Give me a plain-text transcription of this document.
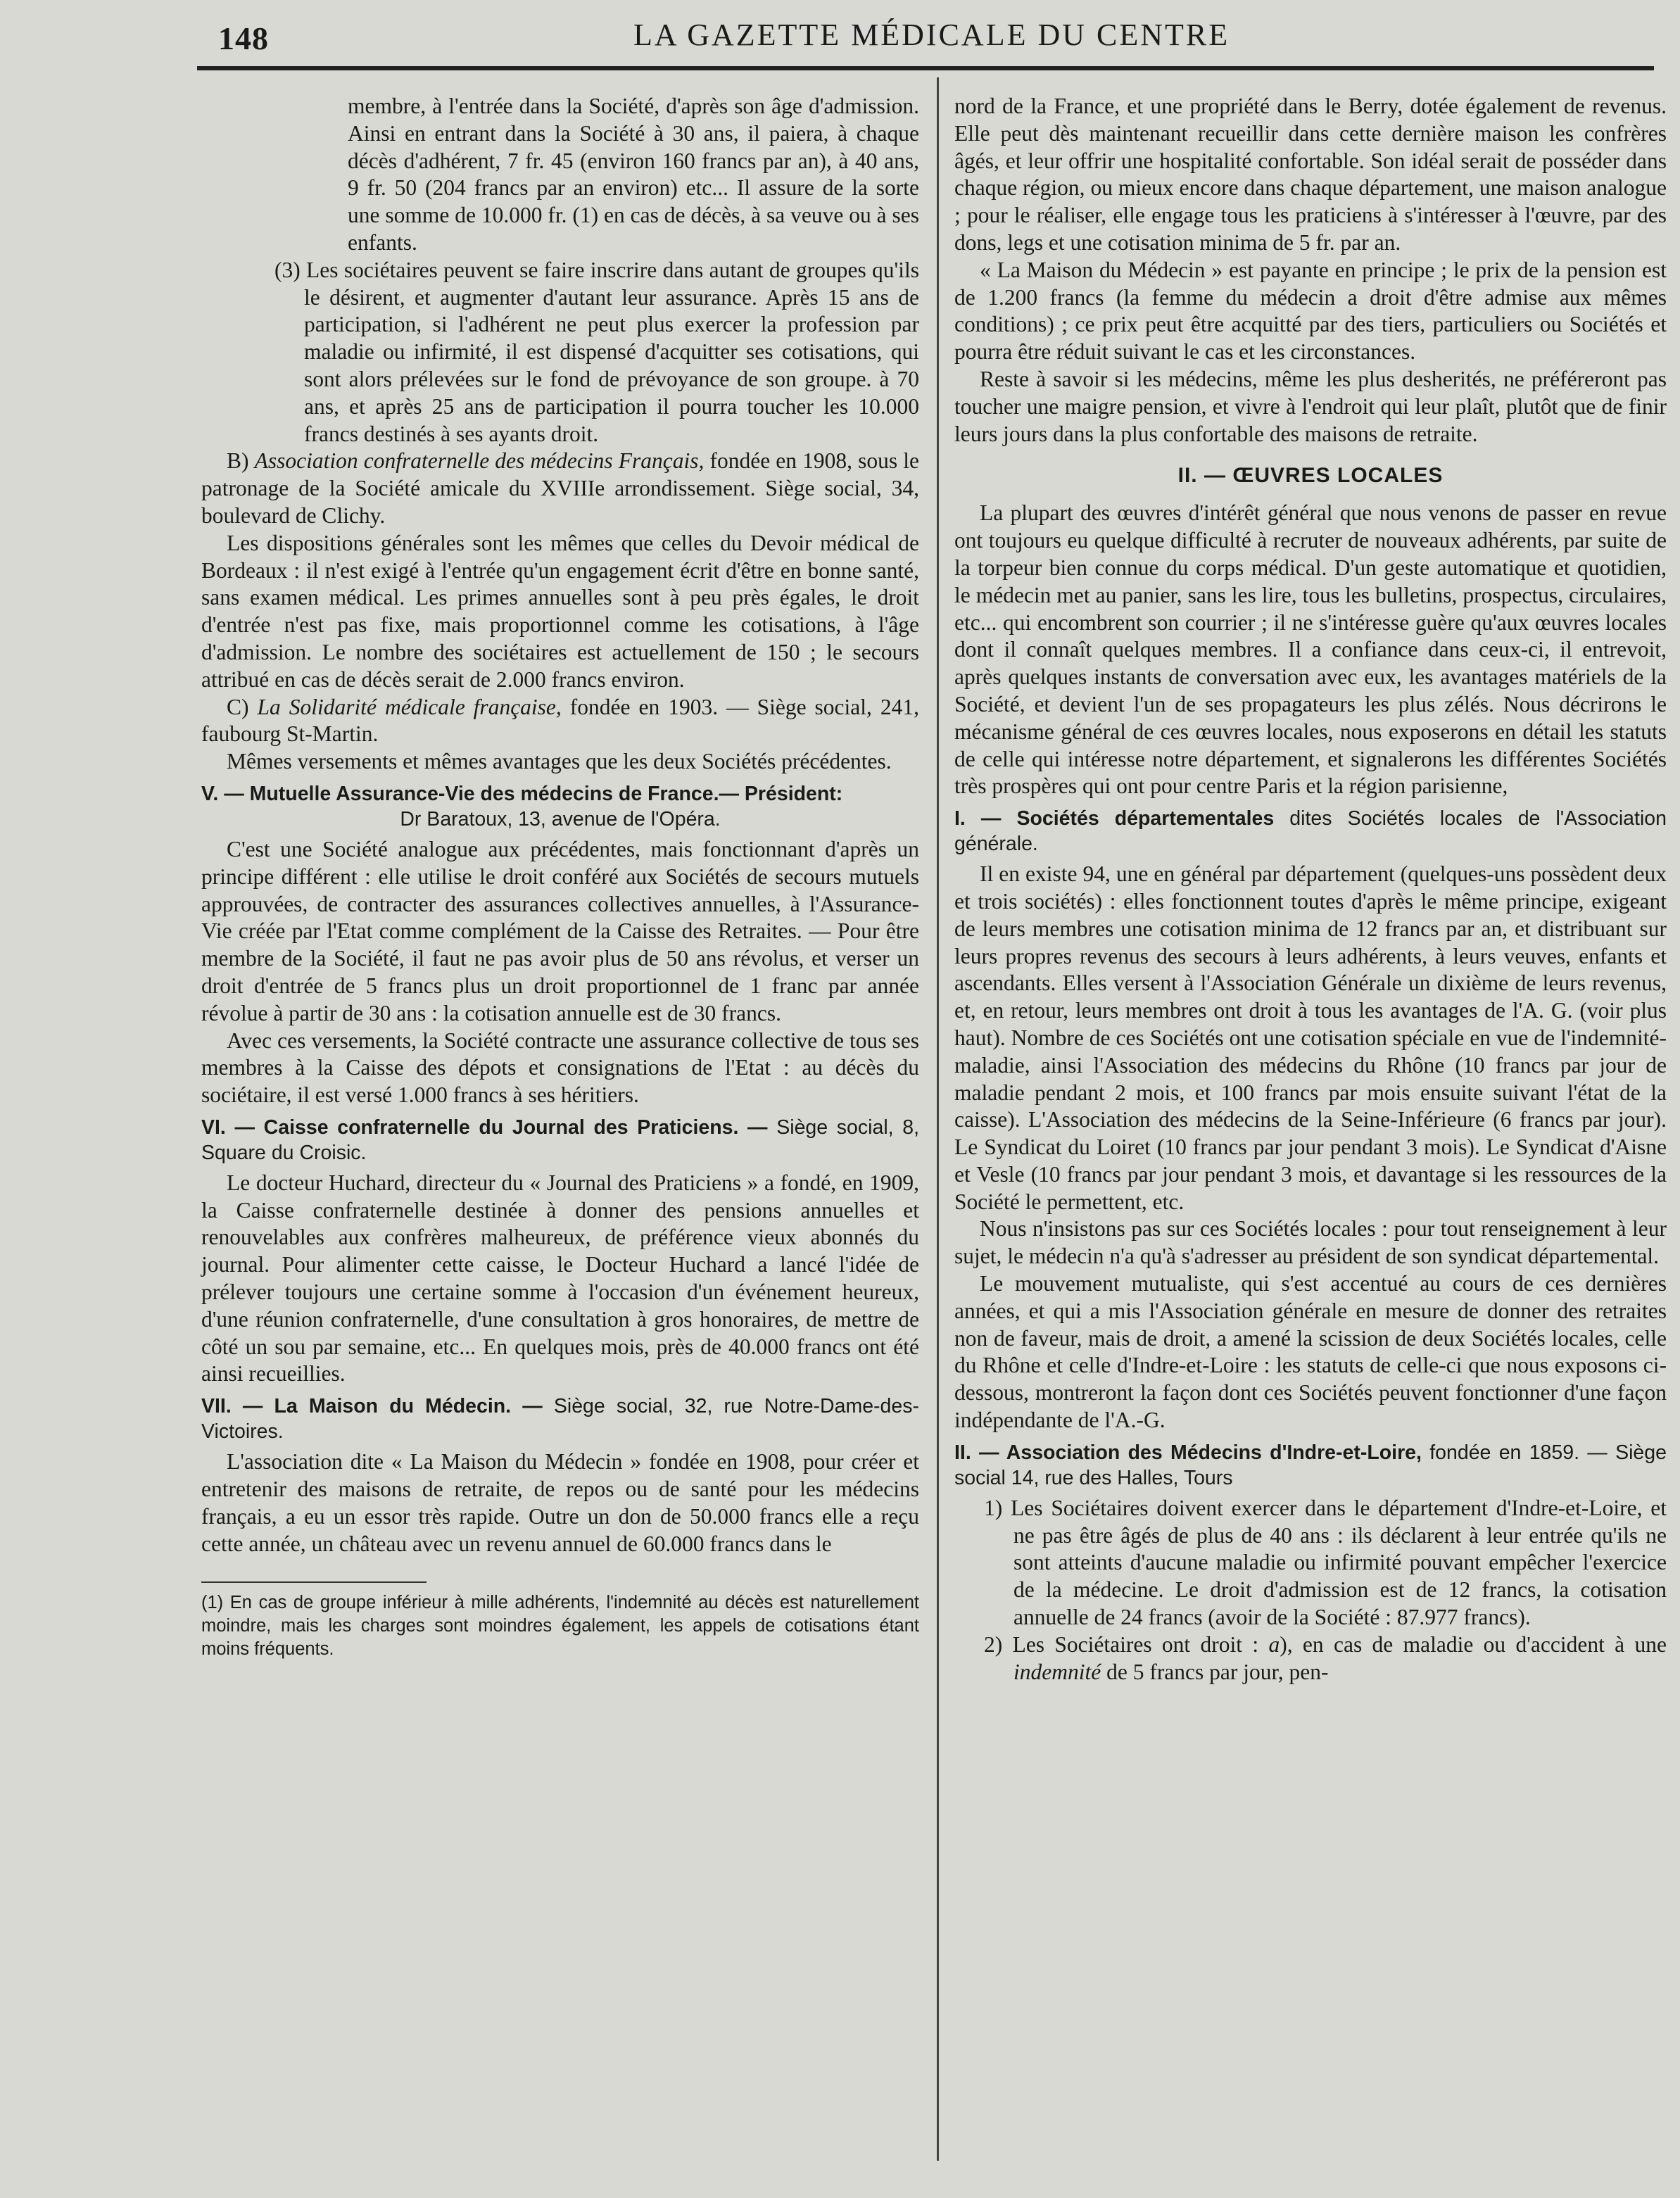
148	LA GAZETTE MÉDICALE DU CENTRE

membre, à l'entrée dans la Société, d'après son âge d'admission. Ainsi en entrant dans la Société à 30 ans, il paiera, à chaque décès d'adhérent, 7 fr. 45 (environ 160 francs par an), à 40 ans, 9 fr. 50 (204 francs par an environ) etc... Il assure de la sorte une somme de 10.000 fr. (1) en cas de décès, à sa veuve ou à ses enfants.

(3) Les sociétaires peuvent se faire inscrire dans autant de groupes qu'ils le désirent, et augmenter d'autant leur assurance. Après 15 ans de participation, si l'adhérent ne peut plus exercer la profession par maladie ou infirmité, il est dispensé d'acquitter ses cotisations, qui sont alors prélevées sur le fond de prévoyance de son groupe. à 70 ans, et après 25 ans de participation il pourra toucher les 10.000 francs destinés à ses ayants droit.

B) Association confraternelle des médecins Français, fondée en 1908, sous le patronage de la Société amicale du XVIIIe arrondissement. Siège social, 34, boulevard de Clichy.

Les dispositions générales sont les mêmes que celles du Devoir médical de Bordeaux : il n'est exigé à l'entrée qu'un engagement écrit d'être en bonne santé, sans examen médical. Les primes annuelles sont à peu près égales, le droit d'entrée n'est pas fixe, mais proportionnel comme les cotisations, à l'âge d'admission. Le nombre des sociétaires est actuellement de 150 ; le secours attribué en cas de décès serait de 2.000 francs environ.

C) La Solidarité médicale française, fondée en 1903. — Siège social, 241, faubourg St-Martin.

Mêmes versements et mêmes avantages que les deux Sociétés précédentes.

V. — Mutuelle Assurance-Vie des médecins de France.— Président:
Dr Baratoux, 13, avenue de l'Opéra.

C'est une Société analogue aux précédentes, mais fonctionnant d'après un principe différent : elle utilise le droit conféré aux Sociétés de secours mutuels approuvées, de contracter des assurances collectives annuelles, à l'Assurance-Vie créée par l'Etat comme complément de la Caisse des Retraites. — Pour être membre de la Société, il faut ne pas avoir plus de 50 ans révolus, et verser un droit d'entrée de 5 francs plus un droit proportionnel de 1 franc par année révolue à partir de 30 ans : la cotisation annuelle est de 30 francs.

Avec ces versements, la Société contracte une assurance collective de tous ses membres à la Caisse des dépots et consignations de l'Etat : au décès du sociétaire, il est versé 1.000 francs à ses héritiers.

VI. — Caisse confraternelle du Journal des Praticiens. — Siège social, 8, Square du Croisic.

Le docteur Huchard, directeur du « Journal des Praticiens » a fondé, en 1909, la Caisse confraternelle destinée à donner des pensions annuelles et renouvelables aux confrères malheureux, de préférence vieux abonnés du journal. Pour alimenter cette caisse, le Docteur Huchard a lancé l'idée de prélever toujours une certaine somme à l'occasion d'un événement heureux, d'une réunion confraternelle, d'une consultation à gros honoraires, de mettre de côté un sou par semaine, etc... En quelques mois, près de 40.000 francs ont été ainsi recueillies.

VII. — La Maison du Médecin. — Siège social, 32, rue Notre-Dame-des-Victoires.

L'association dite « La Maison du Médecin » fondée en 1908, pour créer et entretenir des maisons de retraite, de repos ou de santé pour les médecins français, a eu un essor très rapide. Outre un don de 50.000 francs elle a reçu cette année, un château avec un revenu annuel de 60.000 francs dans le

(1) En cas de groupe inférieur à mille adhérents, l'indemnité au décès est naturellement moindre, mais les charges sont moindres également, les appels de cotisations étant moins fréquents.

nord de la France, et une propriété dans le Berry, dotée également de revenus. Elle peut dès maintenant recueillir dans cette dernière maison les confrères âgés, et leur offrir une hospitalité confortable. Son idéal serait de posséder dans chaque région, ou mieux encore dans chaque département, une maison analogue ; pour le réaliser, elle engage tous les praticiens à s'intéresser à l'œuvre, par des dons, legs et une cotisation minima de 5 fr. par an.

« La Maison du Médecin » est payante en principe ; le prix de la pension est de 1.200 francs (la femme du médecin a droit d'être admise aux mêmes conditions) ; ce prix peut être acquitté par des tiers, particuliers ou Sociétés et pourra être réduit suivant le cas et les circonstances.

Reste à savoir si les médecins, même les plus desherités, ne préféreront pas toucher une maigre pension, et vivre à l'endroit qui leur plaît, plutôt que de finir leurs jours dans la plus confortable des maisons de retraite.

II. — ŒUVRES LOCALES

La plupart des œuvres d'intérêt général que nous venons de passer en revue ont toujours eu quelque difficulté à recruter de nouveaux adhérents, par suite de la torpeur bien connue du corps médical. D'un geste automatique et quotidien, le médecin met au panier, sans les lire, tous les bulletins, prospectus, circulaires, etc... qui encombrent son courrier ; il ne s'intéresse guère qu'aux œuvres locales dont il connaît quelques membres. Il a confiance dans ceux-ci, il entrevoit, après quelques instants de conversation avec eux, les avantages matériels de la Société, et devient l'un de ses propagateurs les plus zélés. Nous décrirons le mécanisme général de ces œuvres locales, nous exposerons en détail les statuts de celle qui intéresse notre département, et signalerons les différentes Sociétés très prospères qui ont pour centre Paris et la région parisienne,

I. — Sociétés départementales dites Sociétés locales de l'Association générale.

Il en existe 94, une en général par département (quelques-uns possèdent deux et trois sociétés) : elles fonctionnent toutes d'après le même principe, exigeant de leurs membres une cotisation minima de 12 francs par an, et distribuant sur leurs propres revenus des secours à leurs adhérents, à leurs veuves, enfants et ascendants. Elles versent à l'Association Générale un dixième de leurs revenus, et, en retour, leurs membres ont droit à tous les avantages de l'A. G. (voir plus haut). Nombre de ces Sociétés ont une cotisation spéciale en vue de l'indemnité-maladie, ainsi l'Association des médecins du Rhône (10 francs par jour de maladie pendant 2 mois, et 100 francs par mois ensuite suivant l'état de la caisse). L'Association des médecins de la Seine-Inférieure (6 francs par jour). Le Syndicat du Loiret (10 francs par jour pendant 3 mois). Le Syndicat d'Aisne et Vesle (10 francs par jour pendant 3 mois, et davantage si les ressources de la Société le permettent, etc.

Nous n'insistons pas sur ces Sociétés locales : pour tout renseignement à leur sujet, le médecin n'a qu'à s'adresser au président de son syndicat départemental.

Le mouvement mutualiste, qui s'est accentué au cours de ces dernières années, et qui a mis l'Association générale en mesure de donner des retraites non de faveur, mais de droit, a amené la scission de deux Sociétés locales, celle du Rhône et celle d'Indre-et-Loire : les statuts de celle-ci que nous exposons ci-dessous, montreront la façon dont ces Sociétés peuvent fonctionner d'une façon indépendante de l'A.-G.

II. — Association des Médecins d'Indre-et-Loire, fondée en 1859. — Siège social 14, rue des Halles, Tours

1) Les Sociétaires doivent exercer dans le département d'Indre-et-Loire, et ne pas être âgés de plus de 40 ans : ils déclarent à leur entrée qu'ils ne sont atteints d'aucune maladie ou infirmité pouvant empêcher l'exercice de la médecine. Le droit d'admission est de 12 francs, la cotisation annuelle de 24 francs (avoir de la Société : 87.977 francs).

2) Les Sociétaires ont droit : a), en cas de maladie ou d'accident à une indemnité de 5 francs par jour, pen-
